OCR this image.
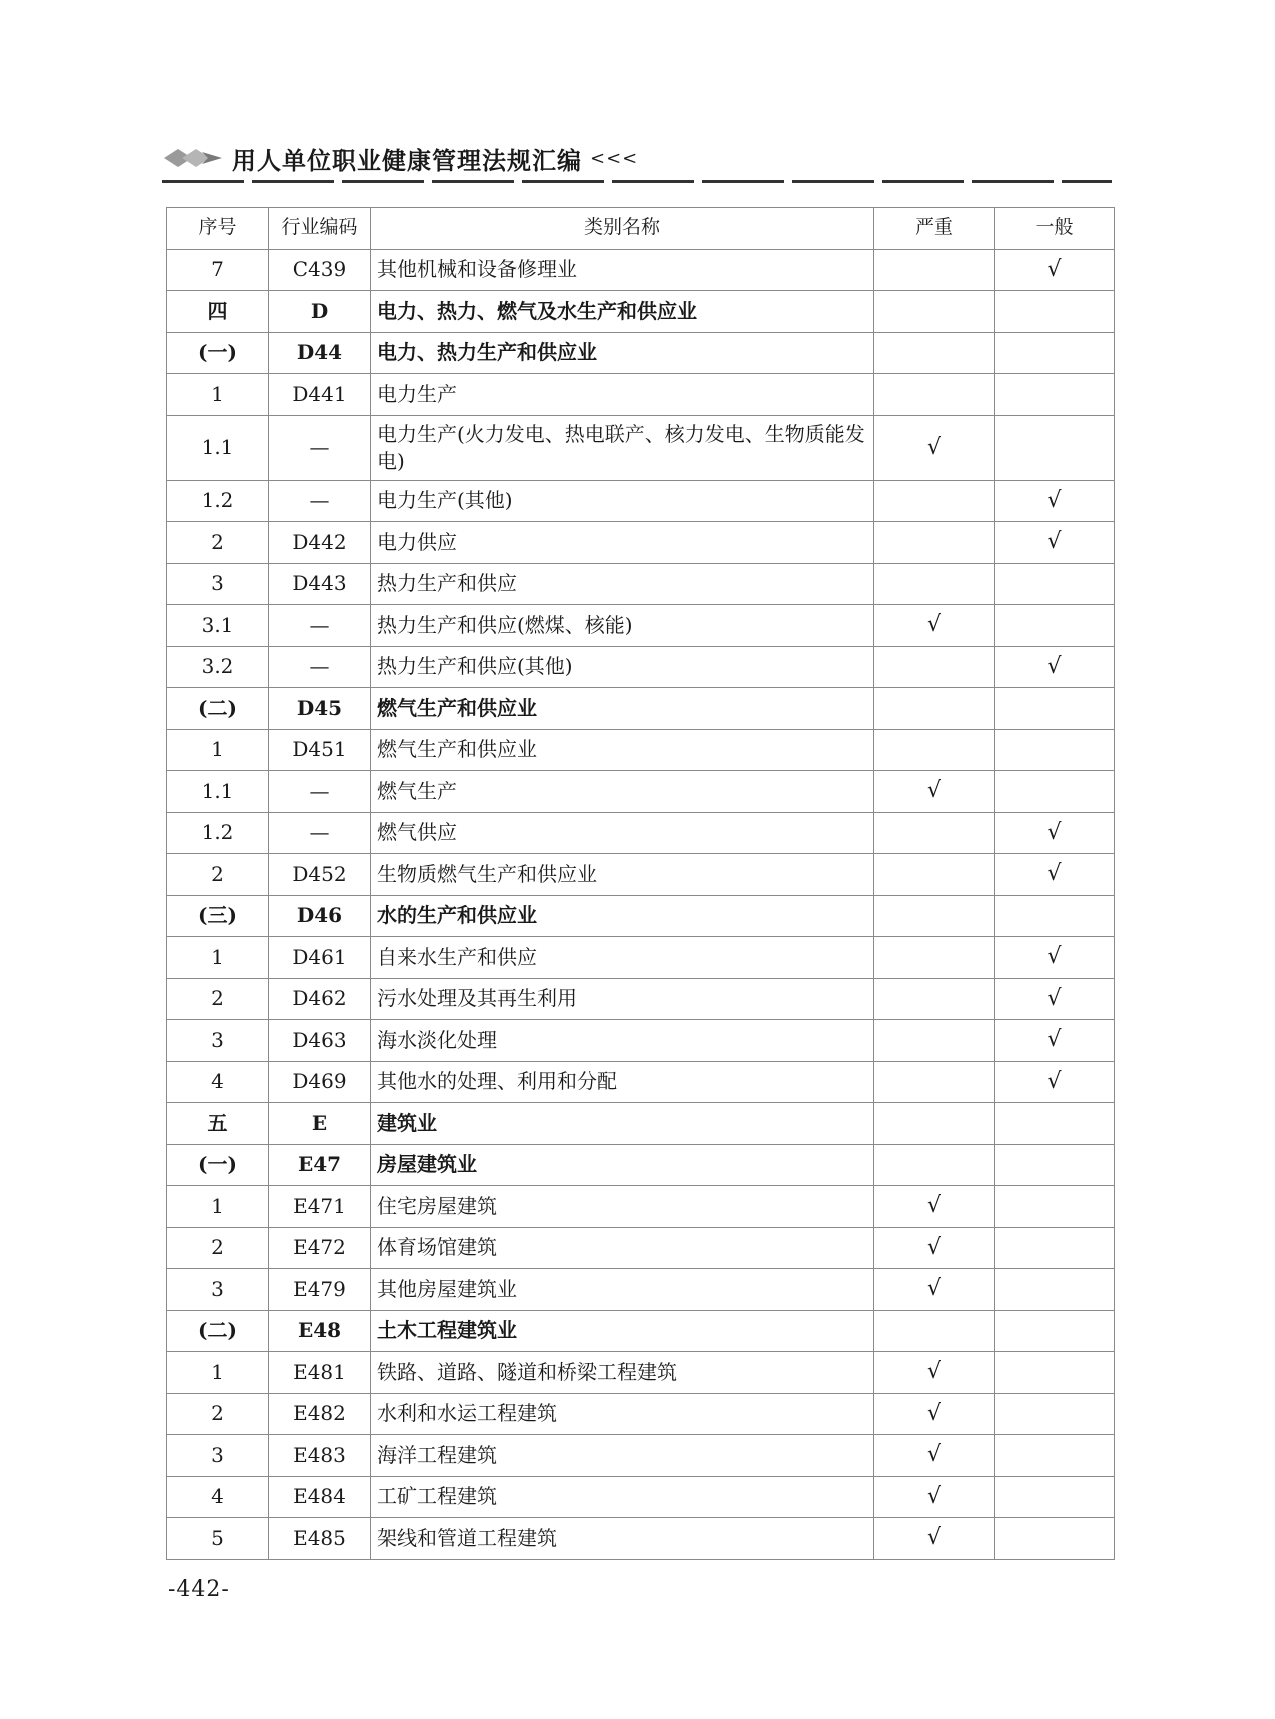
用人单位职业健康管理法规汇编 <<<
序号	行业编码	类别名称	严重	一般
7	C439	其他机械和设备修理业		√
四	D	电力、热力、燃气及水生产和供应业		
(一)	D44	电力、热力生产和供应业		
1	D441	电力生产		
1.1	—	电力生产(火力发电、热电联产、核力发电、生物质能发电)	√	
1.2	—	电力生产(其他)		√
2	D442	电力供应		√
3	D443	热力生产和供应		
3.1	—	热力生产和供应(燃煤、核能)	√	
3.2	—	热力生产和供应(其他)		√
(二)	D45	燃气生产和供应业		
1	D451	燃气生产和供应业		
1.1	—	燃气生产	√	
1.2	—	燃气供应		√
2	D452	生物质燃气生产和供应业		√
(三)	D46	水的生产和供应业		
1	D461	自来水生产和供应		√
2	D462	污水处理及其再生利用		√
3	D463	海水淡化处理		√
4	D469	其他水的处理、利用和分配		√
五	E	建筑业		
(一)	E47	房屋建筑业		
1	E471	住宅房屋建筑	√	
2	E472	体育场馆建筑	√	
3	E479	其他房屋建筑业	√	
(二)	E48	土木工程建筑业		
1	E481	铁路、道路、隧道和桥梁工程建筑	√	
2	E482	水利和水运工程建筑	√	
3	E483	海洋工程建筑	√	
4	E484	工矿工程建筑	√	
5	E485	架线和管道工程建筑	√	
-442-
